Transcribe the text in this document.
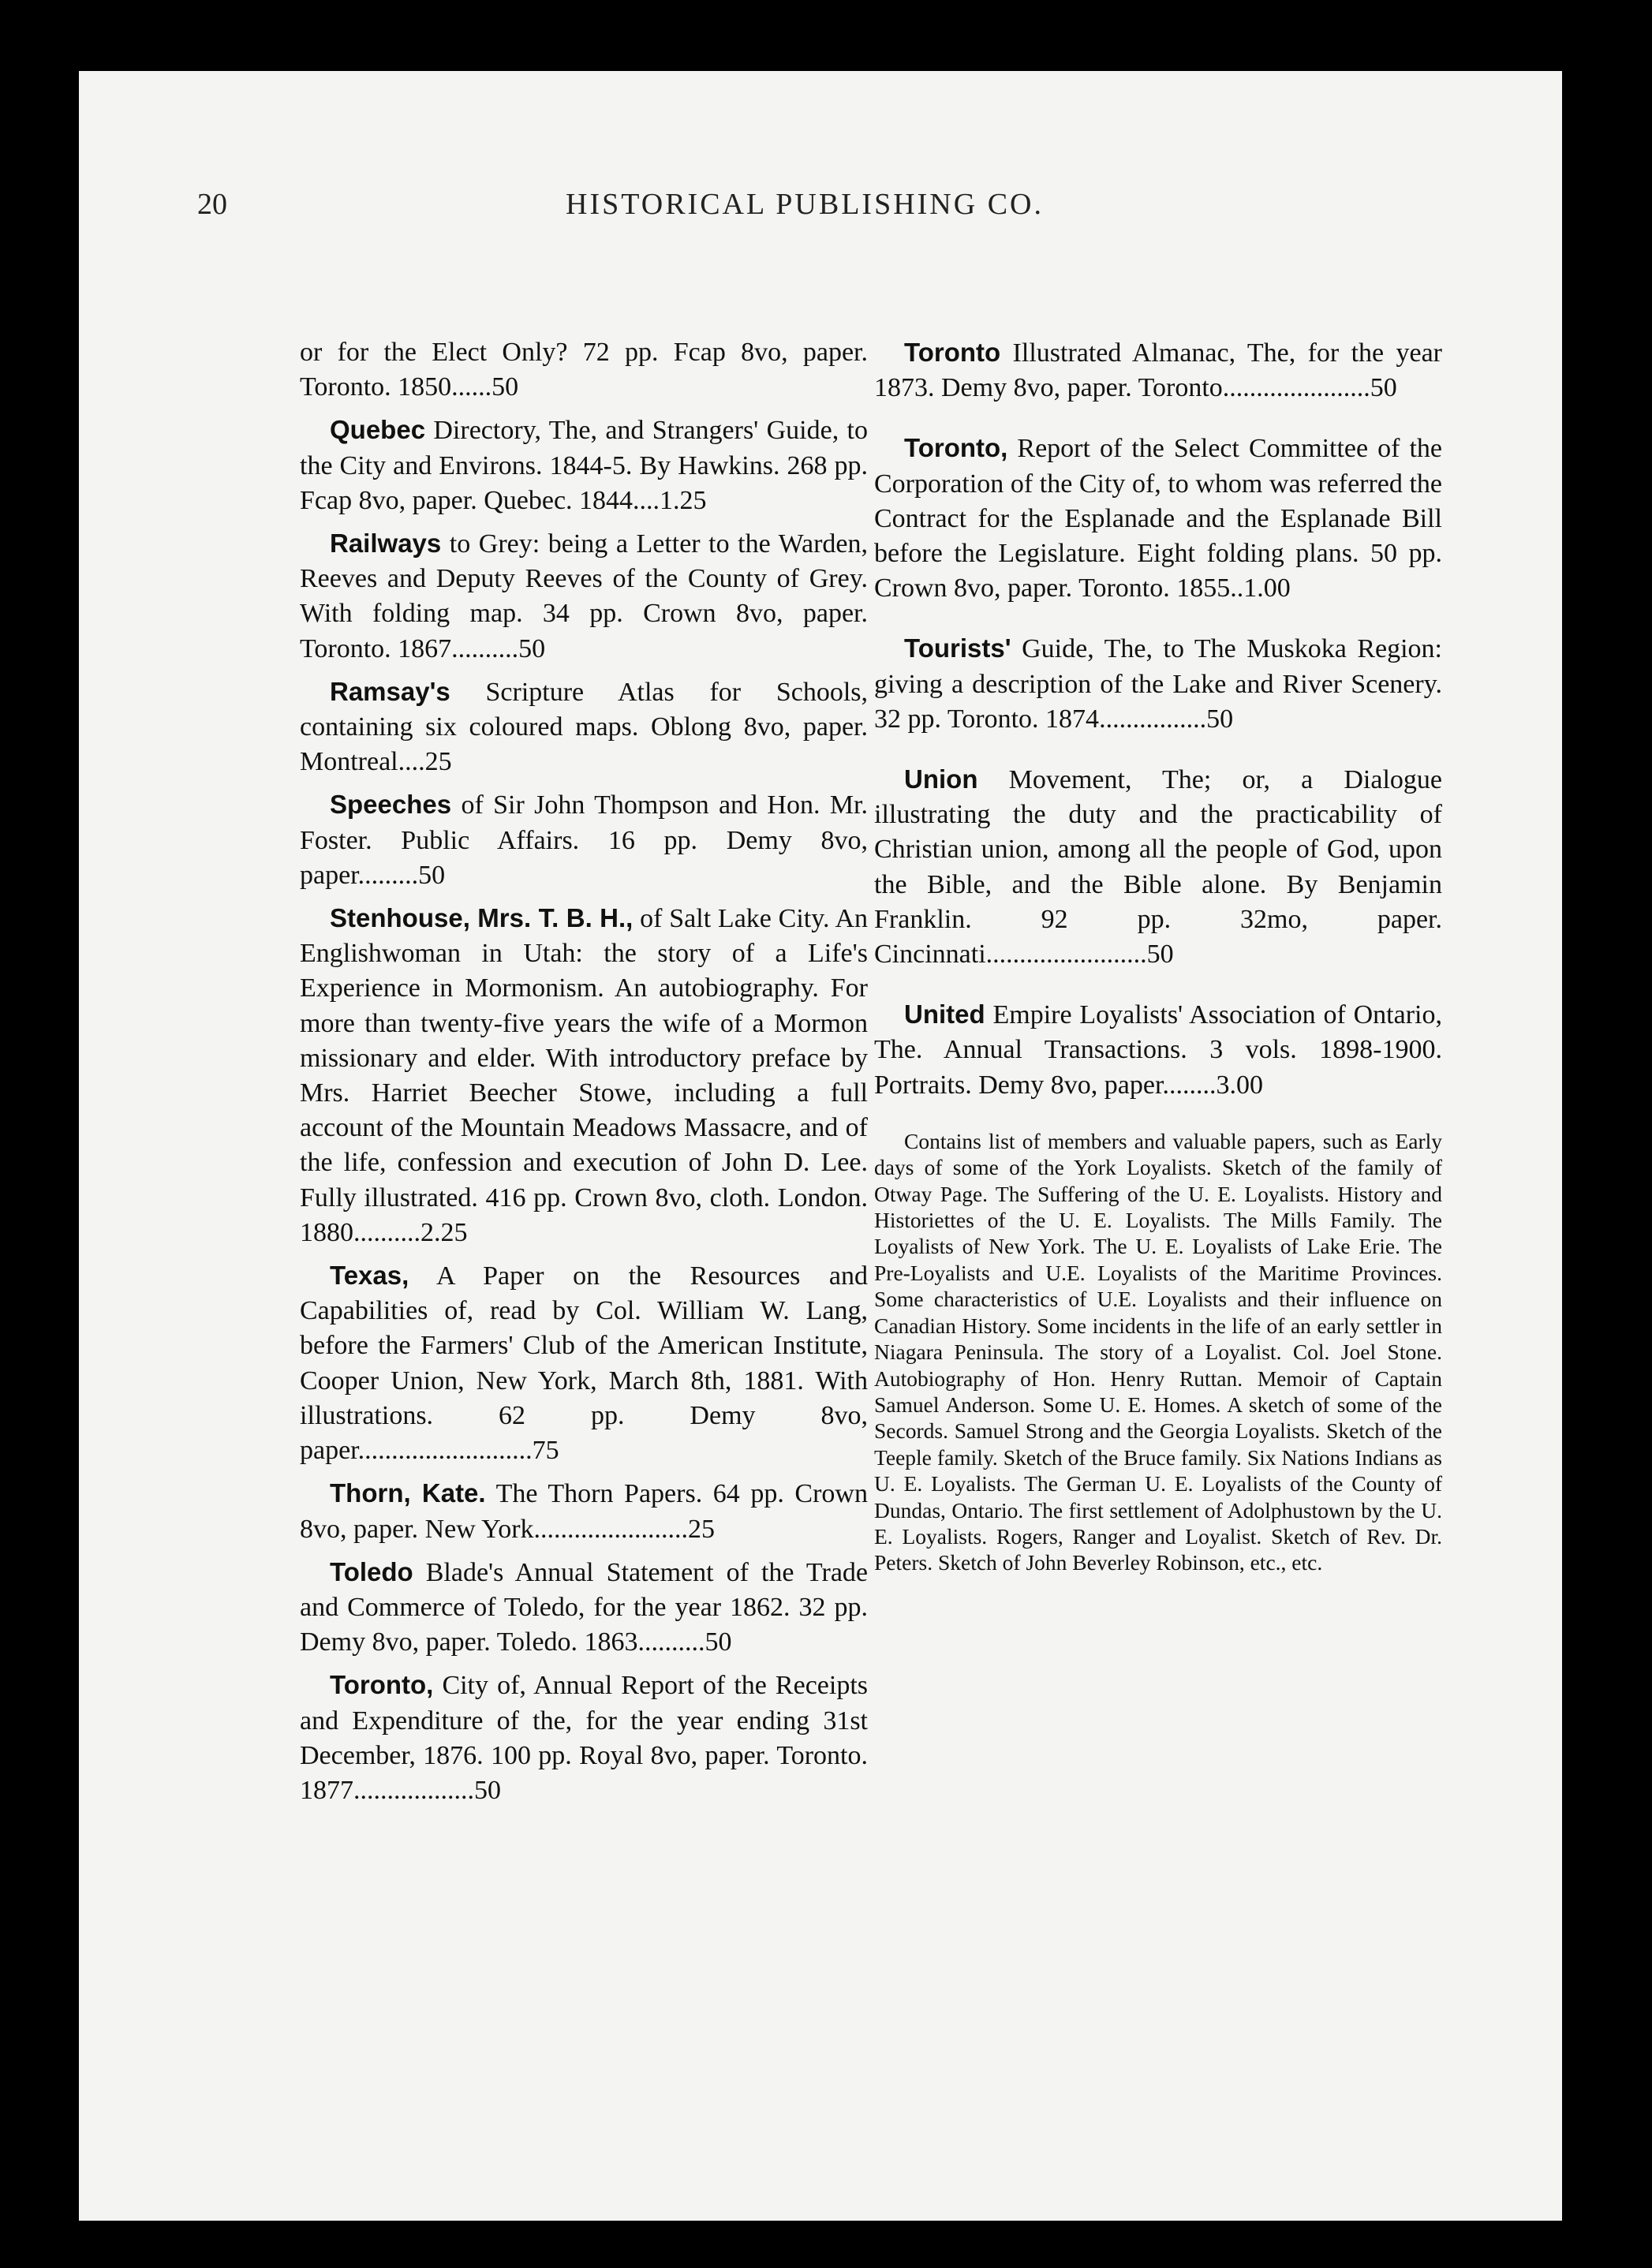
20	HISTORICAL PUBLISHING CO.

or for the Elect Only? 72 pp. Fcap 8vo, paper. Toronto. 1850......50

Quebec Directory, The, and Strangers' Guide, to the City and Environs. 1844-5. By Hawkins. 268 pp. Fcap 8vo, paper. Quebec. 1844....1.25

Railways to Grey: being a Letter to the Warden, Reeves and Deputy Reeves of the County of Grey. With folding map. 34 pp. Crown 8vo, paper. Toronto. 1867..........50

Ramsay's Scripture Atlas for Schools, containing six coloured maps. Oblong 8vo, paper. Montreal....25

Speeches of Sir John Thompson and Hon. Mr. Foster. Public Affairs. 16 pp. Demy 8vo, paper.........50

Stenhouse, Mrs. T. B. H., of Salt Lake City. An Englishwoman in Utah: the story of a Life's Experience in Mormonism. An autobiography. For more than twenty-five years the wife of a Mormon missionary and elder. With introductory preface by Mrs. Harriet Beecher Stowe, including a full account of the Mountain Meadows Massacre, and of the life, confession and execution of John D. Lee. Fully illustrated. 416 pp. Crown 8vo, cloth. London. 1880..........2.25

Texas, A Paper on the Resources and Capabilities of, read by Col. William W. Lang, before the Farmers' Club of the American Institute, Cooper Union, New York, March 8th, 1881. With illustrations. 62 pp. Demy 8vo, paper..........................75

Thorn, Kate. The Thorn Papers. 64 pp. Crown 8vo, paper. New York.......................25

Toledo Blade's Annual Statement of the Trade and Commerce of Toledo, for the year 1862. 32 pp. Demy 8vo, paper. Toledo. 1863..........50

Toronto, City of, Annual Report of the Receipts and Expenditure of the, for the year ending 31st December, 1876. 100 pp. Royal 8vo, paper. Toronto. 1877..................50

Toronto Illustrated Almanac, The, for the year 1873. Demy 8vo, paper. Toronto......................50

Toronto, Report of the Select Committee of the Corporation of the City of, to whom was referred the Contract for the Esplanade and the Esplanade Bill before the Legislature. Eight folding plans. 50 pp. Crown 8vo, paper. Toronto. 1855..1.00

Tourists' Guide, The, to The Muskoka Region: giving a description of the Lake and River Scenery. 32 pp. Toronto. 1874................50

Union Movement, The; or, a Dialogue illustrating the duty and the practicability of Christian union, among all the people of God, upon the Bible, and the Bible alone. By Benjamin Franklin. 92 pp. 32mo, paper. Cincinnati........................50

United Empire Loyalists' Association of Ontario, The. Annual Transactions. 3 vols. 1898-1900. Portraits. Demy 8vo, paper........3.00

Contains list of members and valuable papers, such as Early days of some of the York Loyalists. Sketch of the family of Otway Page. The Suffering of the U. E. Loyalists. History and Historiettes of the U. E. Loyalists. The Mills Family. The Loyalists of New York. The U. E. Loyalists of Lake Erie. The Pre-Loyalists and U.E. Loyalists of the Maritime Provinces. Some characteristics of U.E. Loyalists and their influence on Canadian History. Some incidents in the life of an early settler in Niagara Peninsula. The story of a Loyalist. Col. Joel Stone. Autobiography of Hon. Henry Ruttan. Memoir of Captain Samuel Anderson. Some U. E. Homes. A sketch of some of the Secords. Samuel Strong and the Georgia Loyalists. Sketch of the Teeple family. Sketch of the Bruce family. Six Nations Indians as U. E. Loyalists. The German U. E. Loyalists of the County of Dundas, Ontario. The first settlement of Adolphustown by the U. E. Loyalists. Rogers, Ranger and Loyalist. Sketch of Rev. Dr. Peters. Sketch of John Beverley Robinson, etc., etc.
